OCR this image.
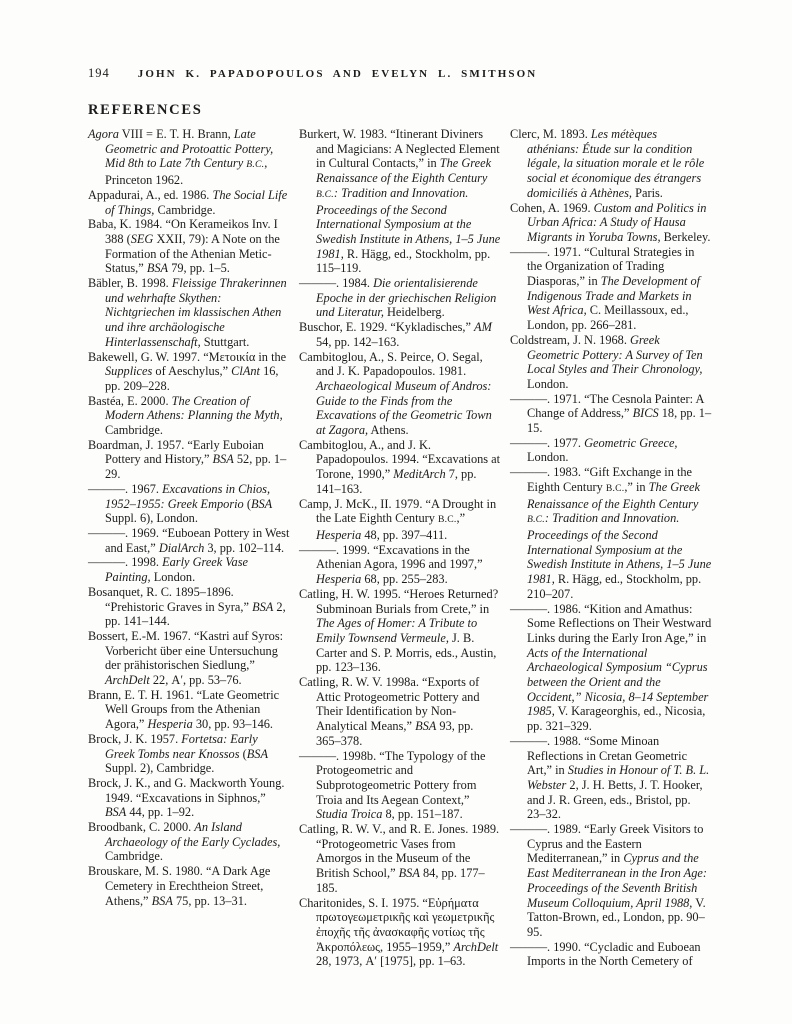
194	JOHN K. PAPADOPOULOS AND EVELYN L. SMITHSON
REFERENCES

Agora VIII = E. T. H. Brann, Late Geometric and Protoattic Pottery, Mid 8th to Late 7th Century B.C., Princeton 1962.

Appadurai, A., ed. 1986. The Social Life of Things, Cambridge.

Baba, K. 1984. “On Kerameikos Inv. I 388 (SEG XXII, 79): A Note on the Formation of the Athenian Metic-Status,” BSA 79, pp. 1–5.

Bäbler, B. 1998. Fleissige Thrakerinnen und wehrhafte Skythen: Nichtgriechen im klassischen Athen und ihre archäologische Hinterlassenschaft, Stuttgart.

Bakewell, G. W. 1997. “Μετοικία in the Supplices of Aeschylus,” ClAnt 16, pp. 209–228.

Bastéa, E. 2000. The Creation of Modern Athens: Planning the Myth, Cambridge.

Boardman, J. 1957. “Early Euboian Pottery and History,” BSA 52, pp. 1–29.

———. 1967. Excavations in Chios, 1952–1955: Greek Emporio (BSA Suppl. 6), London.

———. 1969. “Euboean Pottery in West and East,” DialArch 3, pp. 102–114.

———. 1998. Early Greek Vase Painting, London.

Bosanquet, R. C. 1895–1896. “Prehistoric Graves in Syra,” BSA 2, pp. 141–144.

Bossert, E.-M. 1967. “Kastri auf Syros: Vorbericht über eine Untersuchung der prähistorischen Siedlung,” ArchDelt 22, Α′, pp. 53–76.

Brann, E. T. H. 1961. “Late Geometric Well Groups from the Athenian Agora,” Hesperia 30, pp. 93–146.

Brock, J. K. 1957. Fortetsa: Early Greek Tombs near Knossos (BSA Suppl. 2), Cambridge.

Brock, J. K., and G. Mackworth Young. 1949. “Excavations in Siphnos,” BSA 44, pp. 1–92.

Broodbank, C. 2000. An Island Archaeology of the Early Cyclades, Cambridge.

Brouskare, M. S. 1980. “A Dark Age Cemetery in Erechtheion Street, Athens,” BSA 75, pp. 13–31.

Burkert, W. 1983. “Itinerant Diviners and Magicians: A Neglected Element in Cultural Contacts,” in The Greek Renaissance of the Eighth Century B.C.: Tradition and Innovation. Proceedings of the Second International Symposium at the Swedish Institute in Athens, 1–5 June 1981, R. Hägg, ed., Stockholm, pp. 115–119.

———. 1984. Die orientalisierende Epoche in der griechischen Religion und Literatur, Heidelberg.

Buschor, E. 1929. “Kykladisches,” AM 54, pp. 142–163.

Cambitoglou, A., S. Peirce, O. Segal, and J. K. Papadopoulos. 1981. Archaeological Museum of Andros: Guide to the Finds from the Excavations of the Geometric Town at Zagora, Athens.

Cambitoglou, A., and J. K. Papadopoulos. 1994. “Excavations at Torone, 1990,” MeditArch 7, pp. 141–163.

Camp, J. McK., II. 1979. “A Drought in the Late Eighth Century B.C.,” Hesperia 48, pp. 397–411.

———. 1999. “Excavations in the Athenian Agora, 1996 and 1997,” Hesperia 68, pp. 255–283.

Catling, H. W. 1995. “Heroes Returned? Subminoan Burials from Crete,” in The Ages of Homer: A Tribute to Emily Townsend Vermeule, J. B. Carter and S. P. Morris, eds., Austin, pp. 123–136.

Catling, R. W. V. 1998a. “Exports of Attic Protogeometric Pottery and Their Identification by Non-Analytical Means,” BSA 93, pp. 365–378.

———. 1998b. “The Typology of the Protogeometric and Subprotogeometric Pottery from Troia and Its Aegean Context,” Studia Troica 8, pp. 151–187.

Catling, R. W. V., and R. E. Jones. 1989. “Protogeometric Vases from Amorgos in the Museum of the British School,” BSA 84, pp. 177–185.

Charitonides, S. I. 1975. “Εὑρήματα πρωτογεωμετρικῆς καὶ γεωμετρικῆς ἐποχῆς τῆς ἀνασκαφῆς νοτίως τῆς Ἀκροπόλεως, 1955–1959,” ArchDelt 28, 1973, Α′ [1975], pp. 1–63.

Clerc, M. 1893. Les métèques athénians: Étude sur la condition légale, la situation morale et le rôle social et économique des étrangers domiciliés à Athènes, Paris.

Cohen, A. 1969. Custom and Politics in Urban Africa: A Study of Hausa Migrants in Yoruba Towns, Berkeley.

———. 1971. “Cultural Strategies in the Organization of Trading Diasporas,” in The Development of Indigenous Trade and Markets in West Africa, C. Meillassoux, ed., London, pp. 266–281.

Coldstream, J. N. 1968. Greek Geometric Pottery: A Survey of Ten Local Styles and Their Chronology, London.

———. 1971. “The Cesnola Painter: A Change of Address,” BICS 18, pp. 1–15.

———. 1977. Geometric Greece, London.

———. 1983. “Gift Exchange in the Eighth Century B.C.,” in The Greek Renaissance of the Eighth Century B.C.: Tradition and Innovation. Proceedings of the Second International Symposium at the Swedish Institute in Athens, 1–5 June 1981, R. Hägg, ed., Stockholm, pp. 210–207.

———. 1986. “Kition and Amathus: Some Reflections on Their Westward Links during the Early Iron Age,” in Acts of the International Archaeological Symposium “Cyprus between the Orient and the Occident,” Nicosia, 8–14 September 1985, V. Karageorghis, ed., Nicosia, pp. 321–329.

———. 1988. “Some Minoan Reflections in Cretan Geometric Art,” in Studies in Honour of T. B. L. Webster 2, J. H. Betts, J. T. Hooker, and J. R. Green, eds., Bristol, pp. 23–32.

———. 1989. “Early Greek Visitors to Cyprus and the Eastern Mediterranean,” in Cyprus and the East Mediterranean in the Iron Age: Proceedings of the Seventh British Museum Colloquium, April 1988, V. Tatton-Brown, ed., London, pp. 90–95.

———. 1990. “Cycladic and Euboean Imports in the North Cemetery of
